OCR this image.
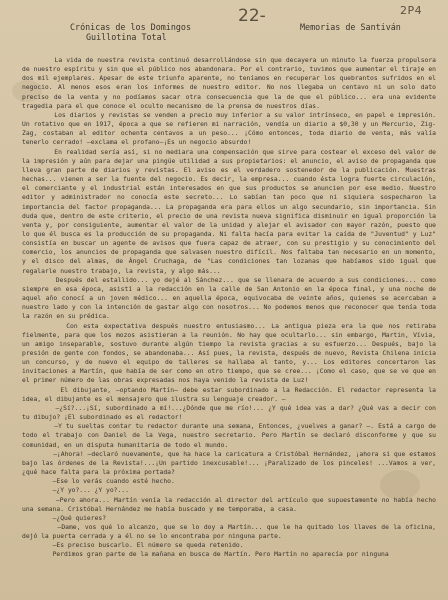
22-	2P4
Crónicas de los Domingos
Guillotina Total
Memorias de Santiván
La vida de nuestra revista continuó desarrollándose sin que decayera un minuto la fuerza propulsora de nuestro espíritu y sin que el público nos abandonara. Por el contrario, tuvimos que aumentar el tiraje en dos mil ejemplares. Apesar de este triunfo aparente, no teníamos en recuperar los quebrantos sufridos en el negocio. Al menos esos eran los informes de nuestro editor. No nos llegaba un centavo ni un solo dato preciso de la venta y no podíamos sacar otra consecuencia que la de que el público... era una evidente tragedia para el que conoce el oculto mecanismo de la prensa de nuestros días.
Los diarios y revistas se venden a precio muy inferior a su valor intrínseco, en papel e impresión. Un rotativo que en 1917, época a que se refieren mi narración, vendía un diario a $0,30 y un Mercurio, Zig-Zag, costaban al editor ochenta centavos a un peso... ¡Cómo entonces, toda diario de venta, más valía tenerlo cerrado! —exclama el profano—¡Es un negocio absurdo!
En realidad sería así, si no mediara una compensación que sirve para costear el exceso del valor de la impresión y aún para dejar una pingüe utilidad a sus propietarios: el anuncio, el aviso de propaganda que lleva gran parte de diarios y revistas. El aviso es el verdadero sostenedor de la publicación. Muestras hechas... vienen a ser la fuente del negocio. Es decir, la empresa... cuando ésta logra fuerte circulación, el comerciante y el industrial están interesados en que sus productos se anuncien por ese medio. Nuestro editor y administrador no conocía este secreto... Lo sabían tan poco que ni siquiera sospecharon la importancia del factor propaganda... La propaganda era para ellos un algo secundario, sin importancia. Sin duda que, dentro de este criterio, el precio de una revista nueva significa disminuir en igual proporción la venta y, por consiguiente, aumentar el valor de la unidad y alejar el avisador con mayor razón, puesto que lo que él busca es la producción de su propaganda. Ni falta hacía para evitar la caída de "Juventud" y Luz" consistía en buscar un agente de avisos que fuera capaz de atraer, con su prestigio y su conocimiento del comercio, los anuncios de propaganda que salvasen nuestro difícil. Nos faltaba tan necesario en un momento, y el disco del almas, de Ángel Cruchaga, de "Las condiciones tan lozanas que habíamos sido igual que regalarle nuestro trabajo, la revista, y algo más...
Después del estallido... yo dejé al Sánchez... que se llenara de acuerdo a sus condiciones... como siempre en esa época, asistí a la redacción en la calle de San Antonio en la época final, y una noche de aquel año conocí a un joven médico... en aquella época, equivocaba de veinte años, quienes se acercaban a nuestro lado y con la intención de gastar algo con nosotros... No podemos menos que reconocer que tenía toda la razón en su prédica.
Con esta expectativa después nuestro entusiasmo... La antigua pieza era la que nos retiraba fielmente, para que los mozos asistieran a la reunión. No hay que ocultarlo... sin embargo, Martin, Vívia, un amigo inseparable, sostuvo durante algún tiempo la revista gracias a su esfuerzo... Después, bajo la presión de gente con fondos, se abandonaba... Así pues, la revista, después de nuevo, Revista Chilena inicia un concurso, y de nuevo el equipo de talleres se hallaba al tanto, y... Los editores concertaron las invitaciones a Martín, que había de ser como en otro tiempo, que se cree... ¡Como el caso, que se ve que en el primer número de las obras expresadas nos haya venido la revista de Luz!
El dibujante, —optando Martín— debe estar subordinado a la Redacción. El redactor representa la idea, el dibujante es el mensajero que ilustra su lenguaje creador. —
—¿Sí?...¡Sí, subordinado a mí!...¿Dónde que me río!... ¿Y qué idea vas a dar? ¿Qué vas a decir con tu dibujo? ¡El subordinado es el redactor!
—Y tu sueltas contar tu redactor durante una semana, Entonces, ¿vuelves a ganar? —. Está a cargo de todo el trabajo con Daniel de la Vega, nuestro secretario. Pero Martín se declaró disconforme y que su comunidad, en un disputa humanitaria de todo el mundo.
—¡Ahora! —declaró nuevamente, que ha hace la caricatura a Cristóbal Hernández, ¡ahora si que estamos bajo las órdenes de la Revista!...¡Un partido inexcusable!... ¡Paralizado de los pinceles! ...Vamos a ver, ¿qué hace falta para la próxima portada?
—Ese lo verás cuando esté hecho.
—¿Y yo?... ¿Y yo?...
—Pero ahora... Martín venía la redacción al director del artículo que supuestamente no había hecho una semana. Cristóbal Hernández me había buscado y me temporaba, a casa.
—¿Qué quieres?
—Dame, vos qué lo alcanzo, que se lo doy a Martín... que le ha quitado los llaves de la oficina, dejó la puerta cerrada y a él no se lo encontraba por ninguna parte.
—Es preciso buscarlo. El número se queda retenido.
Perdimos gran parte de la mañana en busca de Martín. Pero Martín no aparecía por ninguna
